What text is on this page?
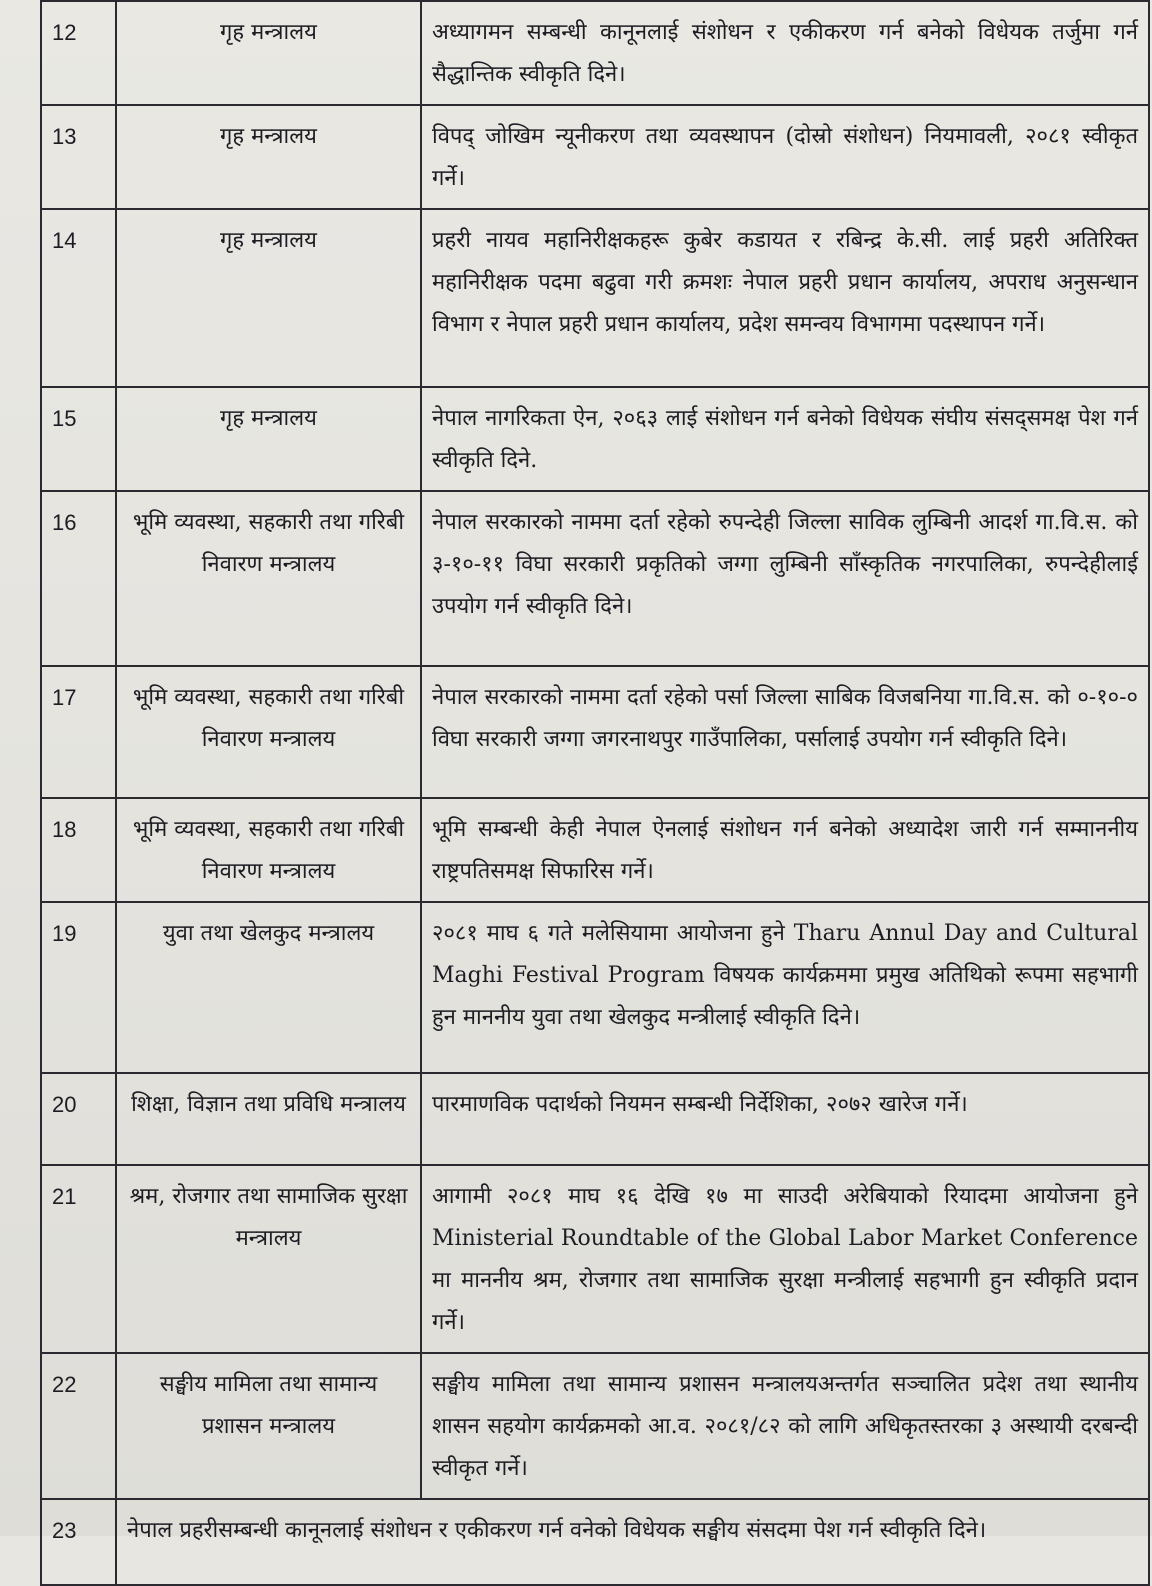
12	गृह मन्त्रालय	अध्यागमन सम्बन्धी कानूनलाई संशोधन र एकीकरण गर्न बनेको विधेयक तर्जुमा गर्न सैद्धान्तिक स्वीकृति दिने।
13	गृह मन्त्रालय	विपद् जोखिम न्यूनीकरण तथा व्यवस्थापन (दोस्रो संशोधन) नियमावली, २०८१ स्वीकृत गर्ने।
14	गृह मन्त्रालय	प्रहरी नायव महानिरीक्षकहरू कुबेर कडायत र रबिन्द्र के.सी. लाई प्रहरी अतिरिक्त महानिरीक्षक पदमा बढुवा गरी क्रमशः नेपाल प्रहरी प्रधान कार्यालय, अपराध अनुसन्धान विभाग र नेपाल प्रहरी प्रधान कार्यालय, प्रदेश समन्वय विभागमा पदस्थापन गर्ने।
15	गृह मन्त्रालय	नेपाल नागरिकता ऐन, २०६३ लाई संशोधन गर्न बनेको विधेयक संघीय संसद्समक्ष पेश गर्न स्वीकृति दिने.
16	भूमि व्यवस्था, सहकारी तथा गरिबी निवारण मन्त्रालय	नेपाल सरकारको नाममा दर्ता रहेको रुपन्देही जिल्ला साविक लुम्बिनी आदर्श गा.वि.स. को ३-१०-११ विघा सरकारी प्रकृतिको जग्गा लुम्बिनी साँस्कृतिक नगरपालिका, रुपन्देहीलाई उपयोग गर्न स्वीकृति दिने।
17	भूमि व्यवस्था, सहकारी तथा गरिबी निवारण मन्त्रालय	नेपाल सरकारको नाममा दर्ता रहेको पर्सा जिल्ला साबिक विजबनिया गा.वि.स. को ०-१०-० विघा सरकारी जग्गा जगरनाथपुर गाउँपालिका, पर्सालाई उपयोग गर्न स्वीकृति दिने।
18	भूमि व्यवस्था, सहकारी तथा गरिबी निवारण मन्त्रालय	भूमि सम्बन्धी केही नेपाल ऐनलाई संशोधन गर्न बनेको अध्यादेश जारी गर्न सम्माननीय राष्ट्रपतिसमक्ष सिफारिस गर्ने।
19	युवा तथा खेलकुद मन्त्रालय	२०८१ माघ ६ गते मलेसियामा आयोजना हुने Tharu Annul Day and Cultural Maghi Festival Program विषयक कार्यक्रममा प्रमुख अतिथिको रूपमा सहभागी हुन माननीय युवा तथा खेलकुद मन्त्रीलाई स्वीकृति दिने।
20	शिक्षा, विज्ञान तथा प्रविधि मन्त्रालय	पारमाणविक पदार्थको नियमन सम्बन्धी निर्देशिका, २०७२ खारेज गर्ने।
21	श्रम, रोजगार तथा सामाजिक सुरक्षा मन्त्रालय	आगामी २०८१ माघ १६ देखि १७ मा साउदी अरेबियाको रियादमा आयोजना हुने Ministerial Roundtable of the Global Labor Market Conference मा माननीय श्रम, रोजगार तथा सामाजिक सुरक्षा मन्त्रीलाई सहभागी हुन स्वीकृति प्रदान गर्ने।
22	सङ्घीय मामिला तथा सामान्य प्रशासन मन्त्रालय	सङ्घीय मामिला तथा सामान्य प्रशासन मन्त्रालयअन्तर्गत सञ्चालित प्रदेश तथा स्थानीय शासन सहयोग कार्यक्रमको आ.व. २०८१/८२ को लागि अधिकृतस्तरका ३ अस्थायी दरबन्दी स्वीकृत गर्ने।
23	नेपाल प्रहरीसम्बन्धी कानूनलाई संशोधन र एकीकरण गर्न वनेको विधेयक सङ्घीय संसदमा पेश गर्न स्वीकृति दिने।	
